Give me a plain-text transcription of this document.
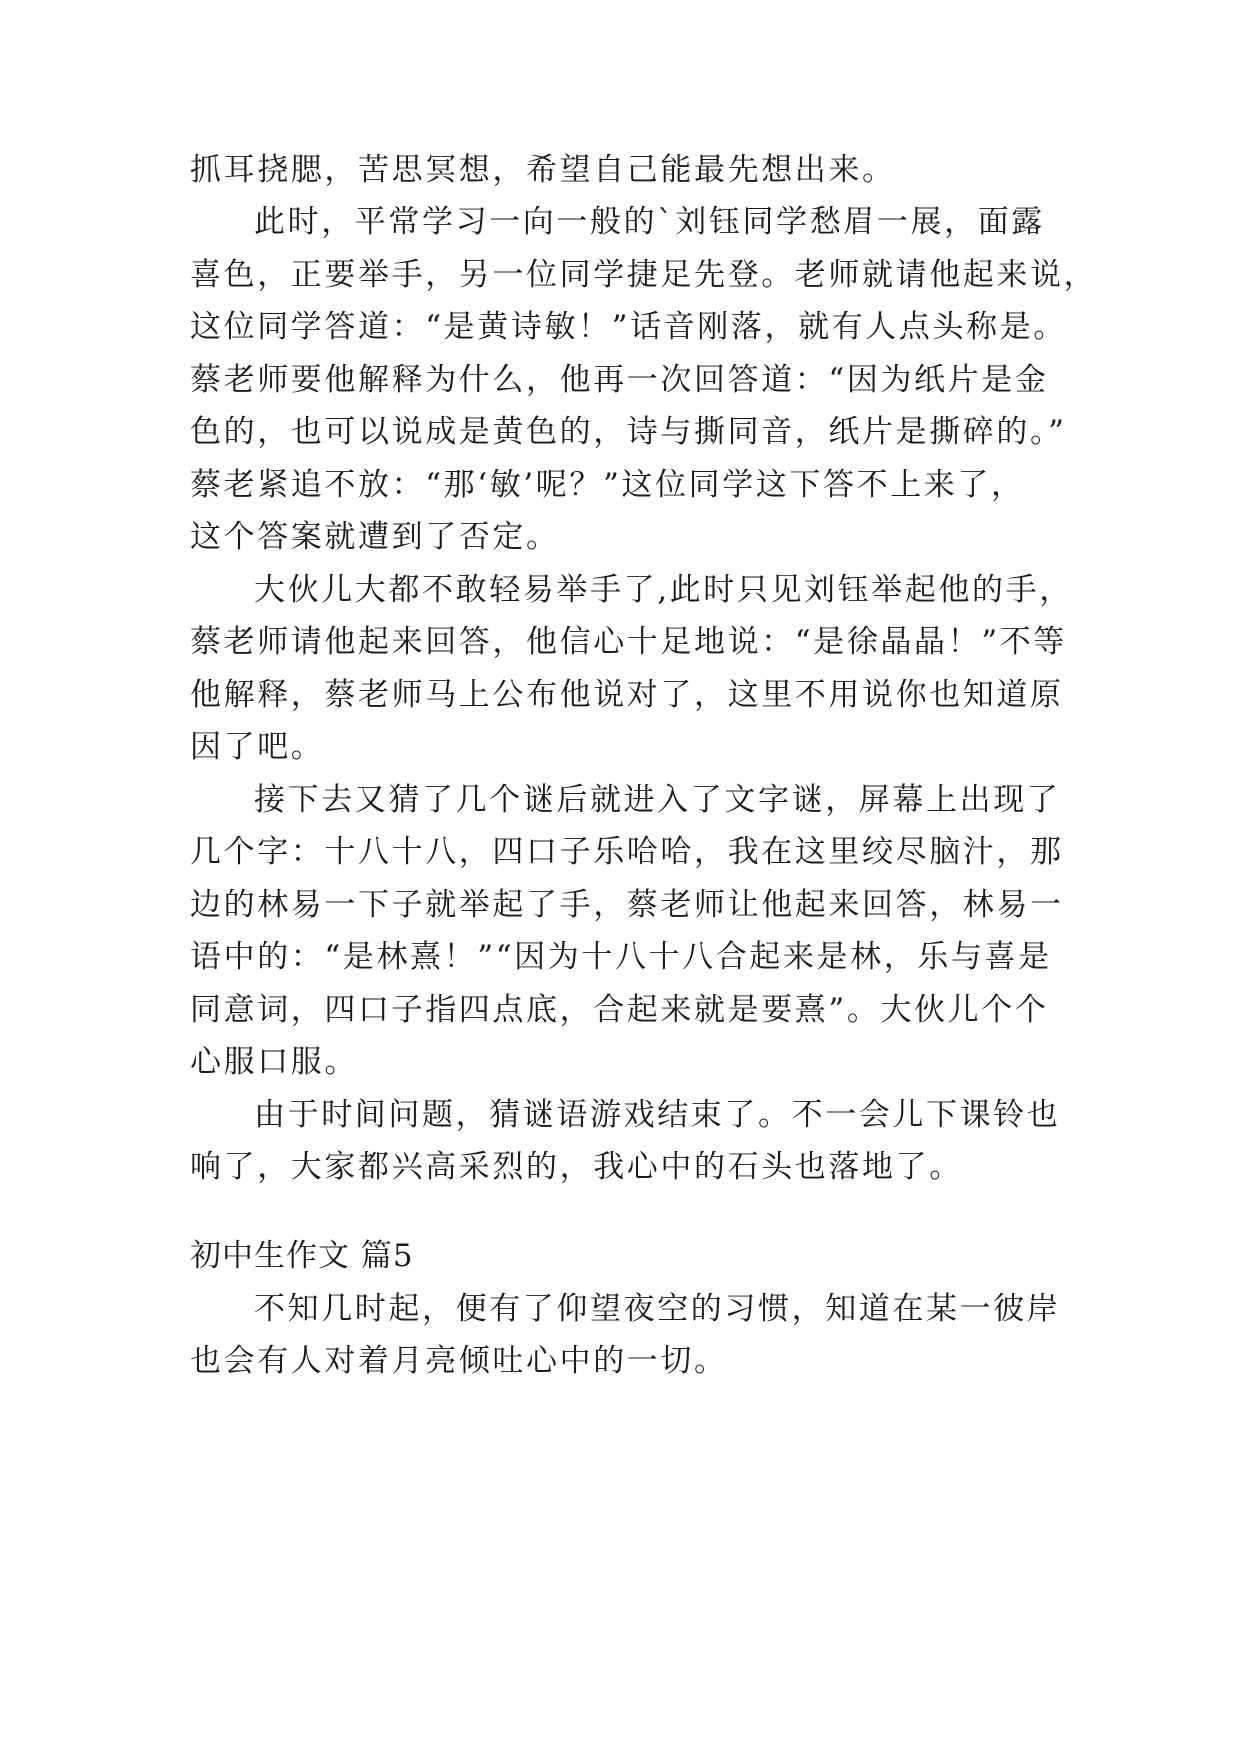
抓耳挠腮，苦思冥想，希望自己能最先想出来。
此时，平常学习一向一般的`刘钰同学愁眉一展，面露
喜色，正要举手，另一位同学捷足先登。老师就请他起来说，
这位同学答道：“是黄诗敏！”话音刚落，就有人点头称是。
蔡老师要他解释为什么，他再一次回答道：“因为纸片是金
色的，也可以说成是黄色的，诗与撕同音，纸片是撕碎的。”
蔡老紧追不放：“那‘敏’呢？”这位同学这下答不上来了，
这个答案就遭到了否定。
大伙儿大都不敢轻易举手了,此时只见刘钰举起他的手，
蔡老师请他起来回答，他信心十足地说：“是徐晶晶！”不等
他解释，蔡老师马上公布他说对了，这里不用说你也知道原
因了吧。
接下去又猜了几个谜后就进入了文字谜，屏幕上出现了
几个字：十八十八，四口子乐哈哈，我在这里绞尽脑汁，那
边的林易一下子就举起了手，蔡老师让他起来回答，林易一
语中的：“是林熹！”“因为十八十八合起来是林，乐与喜是
同意词，四口子指四点底，合起来就是要熹”。大伙儿个个
心服口服。
由于时间问题，猜谜语游戏结束了。不一会儿下课铃也
响了，大家都兴高采烈的，我心中的石头也落地了。
初中生作文 篇5
不知几时起，便有了仰望夜空的习惯，知道在某一彼岸
也会有人对着月亮倾吐心中的一切。
